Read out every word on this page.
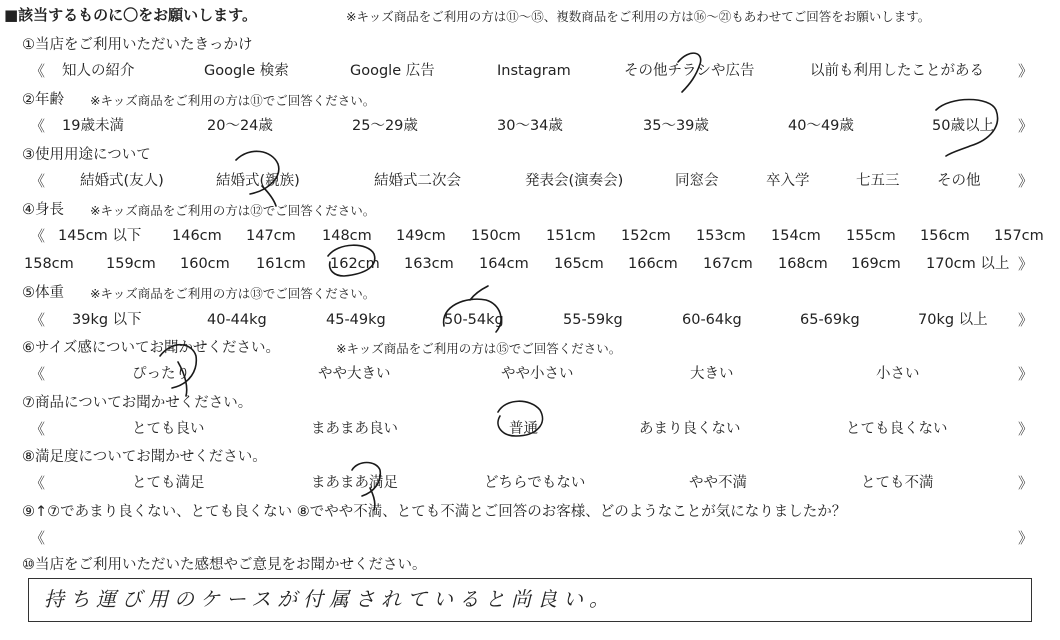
■該当するものに〇をお願いします。	※キッズ商品をご利用の方は⑪〜⑮、複数商品をご利用の方は⑯〜㉑もあわせてご回答をお願いします。
①当店をご利用いただいたきっかけ
《 知人の紹介	Google 検索	Google 広告	Instagram	その他チラシや広告	以前も利用したことがある 》
②年齢 ※キッズ商品をご利用の方は⑪でご回答ください。
《 19歳未満	20〜24歳	25〜29歳	30〜34歳	35〜39歳	40〜49歳	50歳以上 》
③使用用途について
《 結婚式(友人)	結婚式(親族)	結婚式二次会	発表会(演奏会)	同窓会	卒入学	七五三	その他	》
④身長 ※キッズ商品をご利用の方は⑫でご回答ください。
《 145cm 以下 146cm 147cm 148cm 149cm 150cm 151cm 152cm 153cm 154cm 155cm 156cm 157cm
158cm 159cm 160cm 161cm 162cm 163cm 164cm 165cm 166cm 167cm 168cm 169cm 170cm 以上 》
⑤体重 ※キッズ商品をご利用の方は⑬でご回答ください。
《 39kg 以下	40-44kg	45-49kg	50-54kg	55-59kg	60-64kg	65-69kg	70kg 以上 》
⑥サイズ感についてお聞かせください。	※キッズ商品をご利用の方は⑮でご回答ください。
《	ぴったり	やや大きい	やや小さい	大きい	小さい	》
⑦商品についてお聞かせください。
《	とても良い	まあまあ良い	普通	あまり良くない	とても良くない	》
⑧満足度についてお聞かせください。
《	とても満足	まあまあ満足	どちらでもない	やや不満	とても不満	》
⑨↑⑦であまり良くない、とても良くない ⑧でやや不満、とても不満とご回答のお客様、どのようなことが気になりましたか？
《	》
⑩当店をご利用いただいた感想やご意見をお聞かせください。
持ち運び用のケースが付属されていると尚良い。
